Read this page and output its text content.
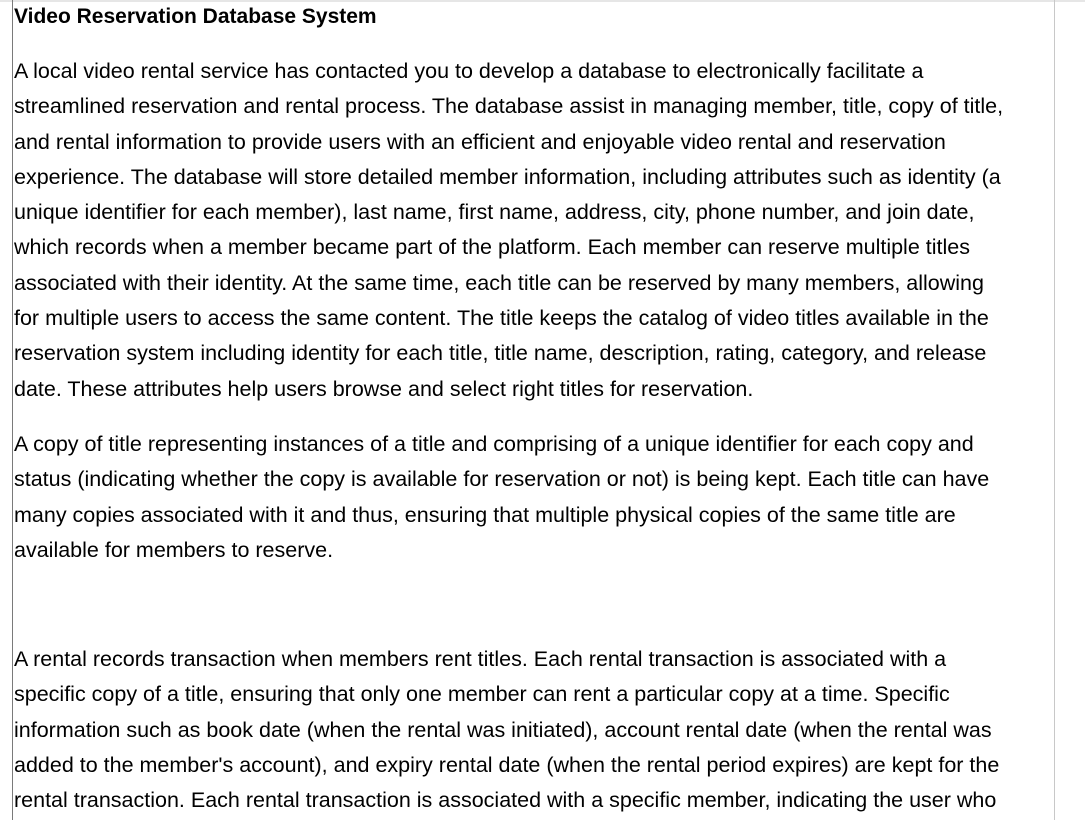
Video Reservation Database System

A local video rental service has contacted you to develop a database to electronically facilitate a
streamlined reservation and rental process. The database assist in managing member, title, copy of title,
and rental information to provide users with an efficient and enjoyable video rental and reservation
experience. The database will store detailed member information, including attributes such as identity (a
unique identifier for each member), last name, first name, address, city, phone number, and join date,
which records when a member became part of the platform. Each member can reserve multiple titles
associated with their identity. At the same time, each title can be reserved by many members, allowing
for multiple users to access the same content. The title keeps the catalog of video titles available in the
reservation system including identity for each title, title name, description, rating, category, and release
date. These attributes help users browse and select right titles for reservation.

A copy of title representing instances of a title and comprising of a unique identifier for each copy and
status (indicating whether the copy is available for reservation or not) is being kept. Each title can have
many copies associated with it and thus, ensuring that multiple physical copies of the same title are
available for members to reserve.

A rental records transaction when members rent titles. Each rental transaction is associated with a
specific copy of a title, ensuring that only one member can rent a particular copy at a time. Specific
information such as book date (when the rental was initiated), account rental date (when the rental was
added to the member's account), and expiry rental date (when the rental period expires) are kept for the
rental transaction. Each rental transaction is associated with a specific member, indicating the user who
